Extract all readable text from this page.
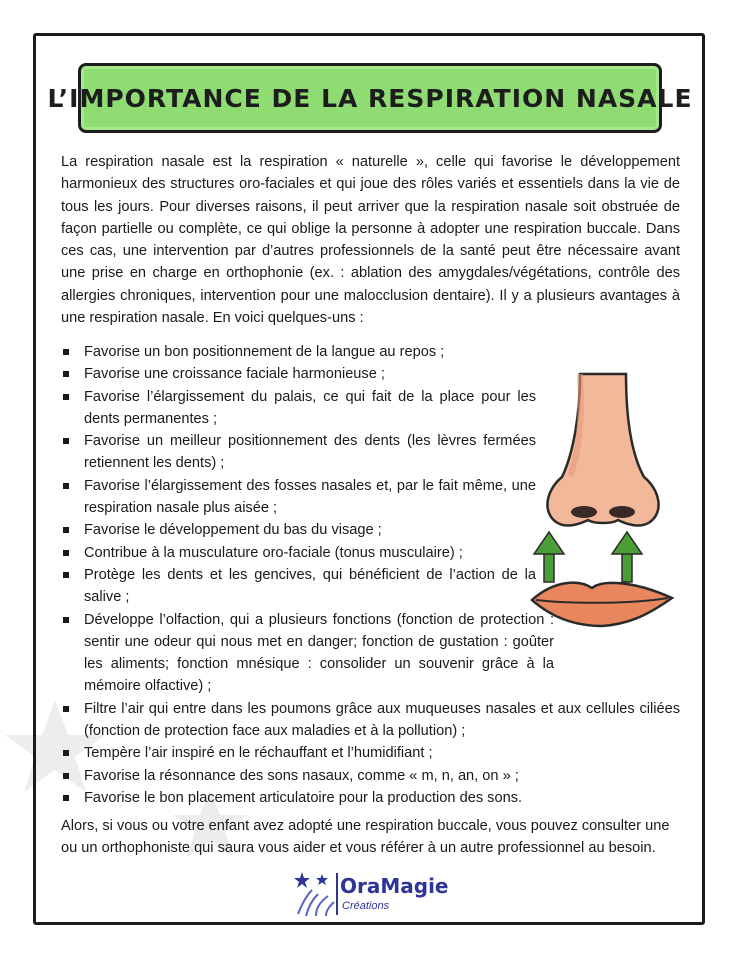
L’IMPORTANCE DE LA RESPIRATION NASALE

La respiration nasale est la respiration « naturelle », celle qui favorise le développement harmonieux des structures oro-faciales et qui joue des rôles variés et essentiels dans la vie de tous les jours. Pour diverses raisons, il peut arriver que la respiration nasale soit obstruée de façon partielle ou complète, ce qui oblige la personne à adopter une respiration buccale. Dans ces cas, une intervention par d’autres professionnels de la santé peut être nécessaire avant une prise en charge en orthophonie (ex. : ablation des amygdales/végétations, contrôle des allergies chroniques, intervention pour une malocclusion dentaire). Il y a plusieurs avantages à une respiration nasale. En voici quelques-uns :

Favorise un bon positionnement de la langue au repos ;
Favorise une croissance faciale harmonieuse ;
Favorise l’élargissement du palais, ce qui fait de la place pour les dents permanentes ;
Favorise un meilleur positionnement des dents (les lèvres fermées retiennent les dents) ;
Favorise l’élargissement des fosses nasales et, par le fait même, une respiration nasale plus aisée ;
Favorise le développement du bas du visage ;
Contribue à la musculature oro-faciale (tonus musculaire) ;
Protège les dents et les gencives, qui bénéficient de l’action de la salive ;
Développe l’olfaction, qui a plusieurs fonctions (fonction de protection : sentir une odeur qui nous met en danger; fonction de gustation : goûter les aliments; fonction mnésique : consolider un souvenir grâce à la mémoire olfactive) ;
Filtre l’air qui entre dans les poumons grâce aux muqueuses nasales et aux cellules ciliées (fonction de protection face aux maladies et à la pollution) ;
Tempère l’air inspiré en le réchauffant et l’humidifiant ;
Favorise la résonnance des sons nasaux, comme « m, n, an, on » ;
Favorise le bon placement articulatoire pour la production des sons.

Alors, si vous ou votre enfant avez adopté une respiration buccale, vous pouvez consulter une ou un orthophoniste qui saura vous aider et vous référer à un autre professionnel au besoin.

OraMagie
Créations
